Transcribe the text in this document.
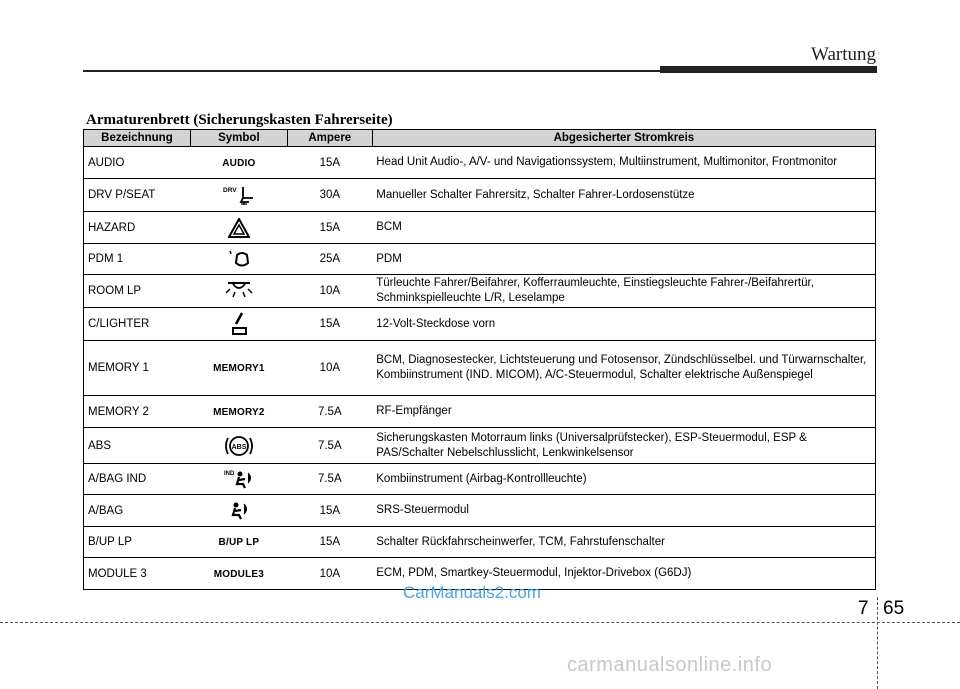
Wartung
Armaturenbrett (Sicherungskasten Fahrerseite)
Bezeichnung	Symbol	Ampere	Abgesicherter Stromkreis
AUDIO	AUDIO	15A	Head Unit Audio-, A/V- und Navigationssystem, Multiinstrument, Multimonitor, Frontmonitor
DRV P/SEAT	DRV	30A	Manueller Schalter Fahrersitz, Schalter Fahrer-Lordosenstütze
HAZARD		15A	BCM
PDM 1		25A	PDM
ROOM LP		10A	Türleuchte Fahrer/Beifahrer, Kofferraumleuchte, Einstiegsleuchte Fahrer-/Beifahrertür, Schminkspielleuchte L/R, Leselampe
C/LIGHTER		15A	12-Volt-Steckdose vorn
MEMORY 1	MEMORY1	10A	BCM, Diagnosestecker, Lichtsteuerung und Fotosensor, Zündschlüsselbel. und Türwarnschalter, Kombiinstrument (IND. MICOM), A/C-Steuermodul, Schalter elektrische Außenspiegel
MEMORY 2	MEMORY2	7.5A	RF-Empfänger
ABS	ABS	7.5A	Sicherungskasten Motorraum links (Universalprüfstecker), ESP-Steuermodul, ESP & PAS/Schalter Nebelschlusslicht, Lenkwinkelsensor
A/BAG IND	IND	7.5A	Kombiinstrument (Airbag-Kontrollleuchte)
A/BAG		15A	SRS-Steuermodul
B/UP LP	B/UP LP	15A	Schalter Rückfahrscheinwerfer, TCM, Fahrstufenschalter
MODULE 3	MODULE3	10A	ECM, PDM, Smartkey-Steuermodul, Injektor-Drivebox (G6DJ)
CarManuals2.com
7 65
carmanualsonline.info
